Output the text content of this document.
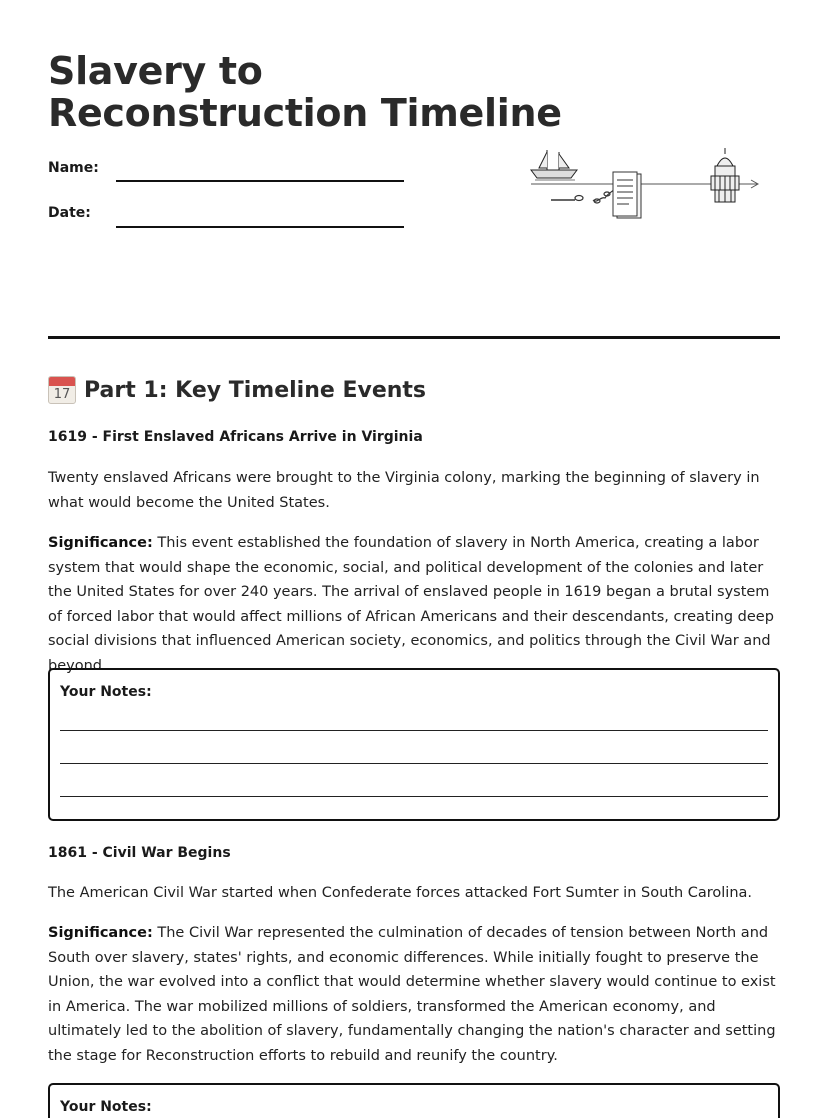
Slavery to
Reconstruction Timeline
Name:
Date:
17 Part 1: Key Timeline Events
1619 - First Enslaved Africans Arrive in Virginia

Twenty enslaved Africans were brought to the Virginia colony, marking the beginning of slavery in what would become the United States.

Significance: This event established the foundation of slavery in North America, creating a labor system that would shape the economic, social, and political development of the colonies and later the United States for over 240 years. The arrival of enslaved people in 1619 began a brutal system of forced labor that would affect millions of African Americans and their descendants, creating deep social divisions that influenced American society, economics, and politics through the Civil War and beyond.

Your Notes:
1861 - Civil War Begins

The American Civil War started when Confederate forces attacked Fort Sumter in South Carolina.

Significance: The Civil War represented the culmination of decades of tension between North and South over slavery, states' rights, and economic differences. While initially fought to preserve the Union, the war evolved into a conflict that would determine whether slavery would continue to exist in America. The war mobilized millions of soldiers, transformed the American economy, and ultimately led to the abolition of slavery, fundamentally changing the nation's character and setting the stage for Reconstruction efforts to rebuild and reunify the country.

Your Notes:
